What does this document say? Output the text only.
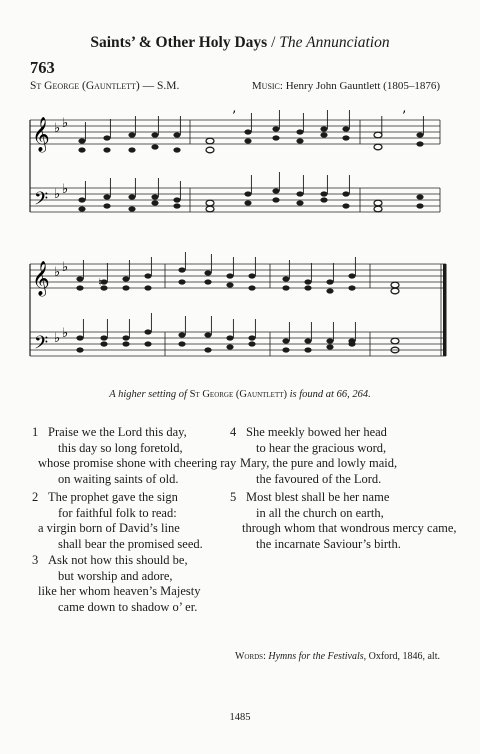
Saints’ & Other Holy Days / The Annunciation
763
St George (Gauntlett) — S.M.	Music: Henry John Gauntlett (1805–1876)
𝄞
𝄢
♭ ♭
♭ ♭
’	’
𝄞
𝄢
♭ ♭
♭ ♭
♮
A higher setting of St George (Gauntlett) is found at 66, 264.
1 Praise we the Lord this day,
this day so long foretold,
whose promise shone with cheering ray
on waiting saints of old.
2 The prophet gave the sign
for faithful folk to read:
a virgin born of David’s line
shall bear the promised seed.
3 Ask not how this should be,
but worship and adore,
like her whom heaven’s Majesty
came down to shadow o’ er.
4 She meekly bowed her head
to hear the gracious word,
Mary, the pure and lowly maid,
the favoured of the Lord.
5 Most blest shall be her name
in all the church on earth,
through whom that wondrous mercy came,
the incarnate Saviour’s birth.
Words: Hymns for the Festivals, Oxford, 1846, alt.
1485
